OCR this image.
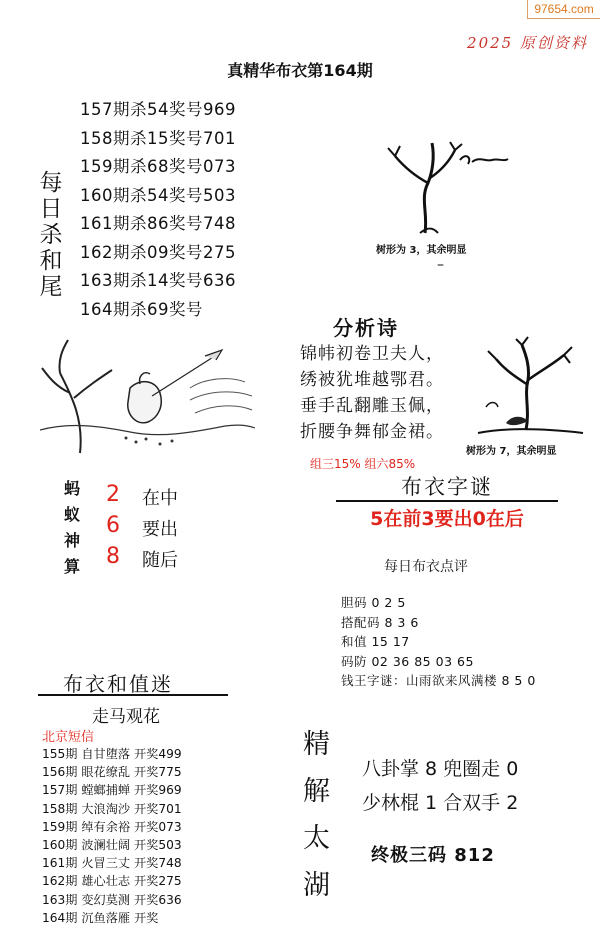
97654.com
2025 原创资料
真精华布衣第164期
每
日
杀
和
尾
157期杀54奖号969
158期杀15奖号701
159期杀68奖号073
160期杀54奖号503
161期杀86奖号748
162期杀09奖号275
163期杀14奖号636
164期杀69奖号
树形为 3，其余明显
–
分析诗
锦帏初卷卫夫人，
绣被犹堆越鄂君。
垂手乱翻雕玉佩，
折腰争舞郁金裙。
树形为 7，其余明显
组三15% 组六85%
蚂
蚁
神
算
2
6
8
在中
要出
随后
布衣字谜
5在前3要出0在后
每日布衣点评
胆码 0 2 5
搭配码 8 3 6
和值 15 17
码防 02 36 85 03 65
钱王字谜：山雨欲来风满楼 8 5 0
布衣和值迷
走马观花
北京短信
155期 自甘堕落 开奖499
156期 眼花缭乱 开奖775
157期 螳螂捕蝉 开奖969
158期 大浪淘沙 开奖701
159期 绰有余裕 开奖073
160期 波澜壮阔 开奖503
161期 火冒三丈 开奖748
162期 雄心壮志 开奖275
163期 变幻莫测 开奖636
164期 沉鱼落雁 开奖
精
解
太
湖
八卦掌 8 兜圈走 0
少林棍 1 合双手 2
终极三码 812
